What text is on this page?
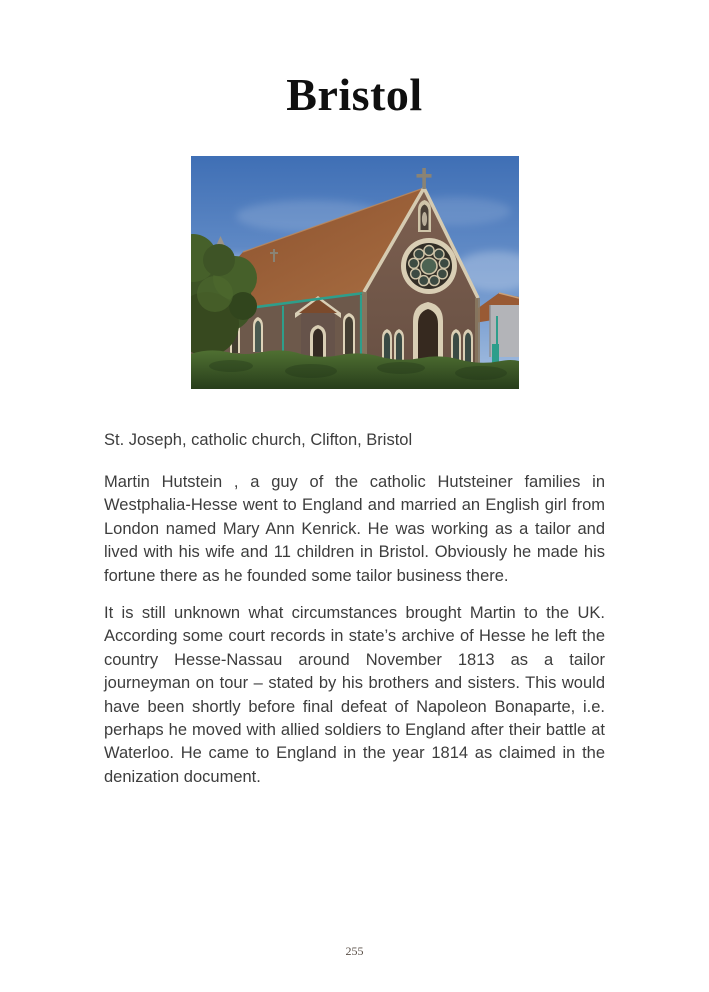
Bristol

St. Joseph, catholic church, Clifton, Bristol

Martin Hutstein , a guy of the catholic Hutsteiner families in Westphalia-Hesse went to England and married an English girl from London named Mary Ann Kenrick. He was working as a tailor and lived with his wife and 11 children in Bristol. Obviously he made his fortune there as he founded some tailor business there.

It is still unknown what circumstances brought Martin to the UK. According some court records in state’s archive of Hesse he left the country Hesse-Nassau around November 1813 as a tailor journeyman on tour – stated by his brothers and sisters. This would have been shortly before final defeat of Napoleon Bonaparte, i.e. perhaps he moved with allied soldiers to England after their battle at Waterloo. He came to England in the year 1814 as claimed in the denization document.

255
